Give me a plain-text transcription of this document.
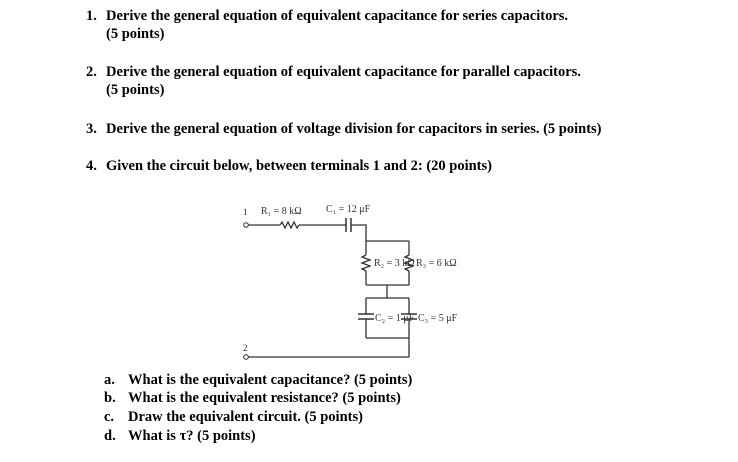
1. Derive the general equation of equivalent capacitance for series capacitors.
(5 points)
2. Derive the general equation of equivalent capacitance for parallel capacitors.
(5 points)
3. Derive the general equation of voltage division for capacitors in series. (5 points)
4. Given the circuit below, between terminals 1 and 2: (20 points)
1 R₁ = 8 kΩ C₁ = 12 μF
R₂ = 3 kΩ R₃ = 6 kΩ
C₂ = 1 μF C₃ = 5 μF
2
a. What is the equivalent capacitance? (5 points)
b. What is the equivalent resistance? (5 points)
c. Draw the equivalent circuit. (5 points)
d. What is τ? (5 points)
